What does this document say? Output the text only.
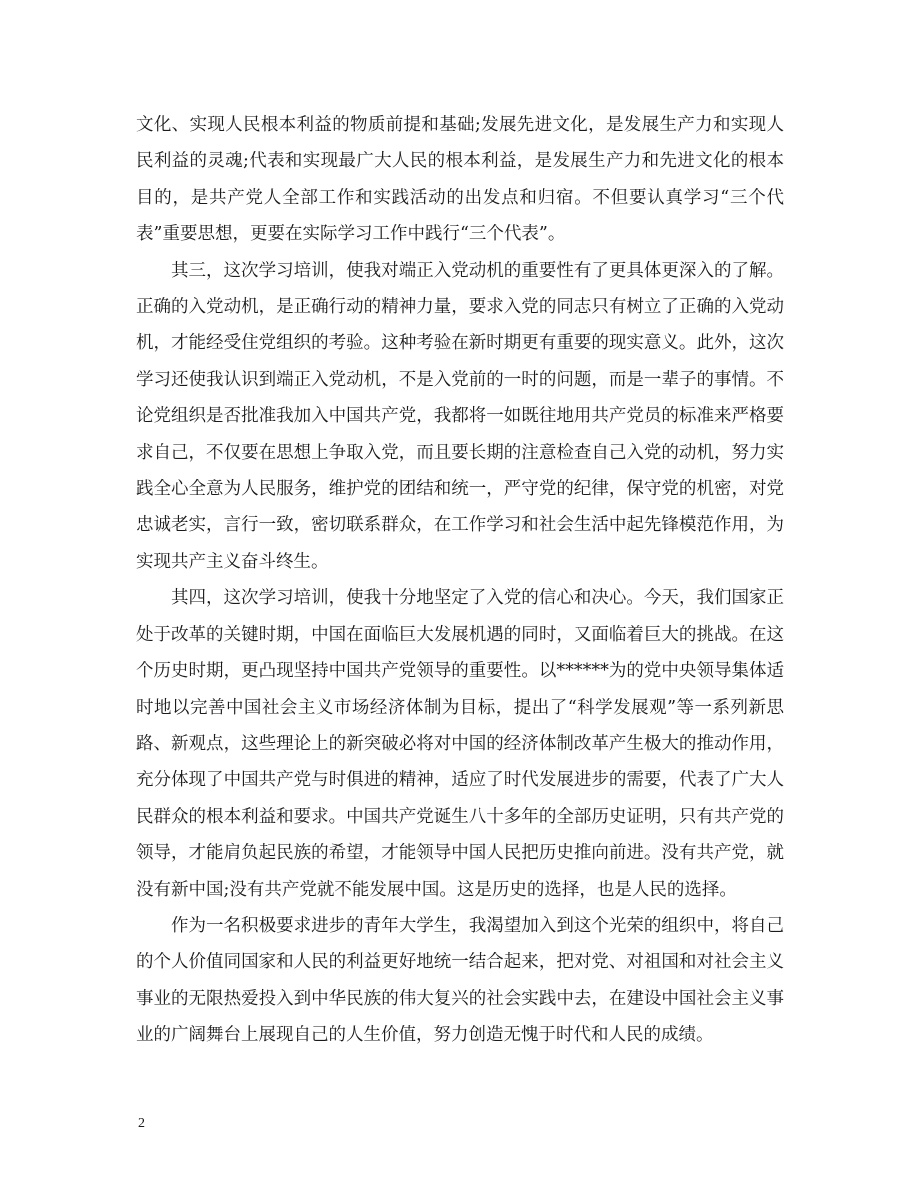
文化、实现人民根本利益的物质前提和基础;发展先进文化，是发展生产力和实现人民利益的灵魂;代表和实现最广大人民的根本利益，是发展生产力和先进文化的根本目的，是共产党人全部工作和实践活动的出发点和归宿。不但要认真学习“三个代表”重要思想，更要在实际学习工作中践行“三个代表”。

其三，这次学习培训，使我对端正入党动机的重要性有了更具体更深入的了解。正确的入党动机，是正确行动的精神力量，要求入党的同志只有树立了正确的入党动机，才能经受住党组织的考验。这种考验在新时期更有重要的现实意义。此外，这次学习还使我认识到端正入党动机，不是入党前的一时的问题，而是一辈子的事情。不论党组织是否批准我加入中国共产党，我都将一如既往地用共产党员的标准来严格要求自己，不仅要在思想上争取入党，而且要长期的注意检查自己入党的动机，努力实践全心全意为人民服务，维护党的团结和统一，严守党的纪律，保守党的机密，对党忠诚老实，言行一致，密切联系群众，在工作学习和社会生活中起先锋模范作用，为实现共产主义奋斗终生。

其四，这次学习培训，使我十分地坚定了入党的信心和决心。今天，我们国家正处于改革的关键时期，中国在面临巨大发展机遇的同时，又面临着巨大的挑战。在这个历史时期，更凸现坚持中国共产党领导的重要性。以******为的党中央领导集体适时地以完善中国社会主义市场经济体制为目标，提出了“科学发展观”等一系列新思路、新观点，这些理论上的新突破必将对中国的经济体制改革产生极大的推动作用，充分体现了中国共产党与时俱进的精神，适应了时代发展进步的需要，代表了广大人民群众的根本利益和要求。中国共产党诞生八十多年的全部历史证明，只有共产党的领导，才能肩负起民族的希望，才能领导中国人民把历史推向前进。没有共产党，就没有新中国;没有共产党就不能发展中国。这是历史的选择，也是人民的选择。

作为一名积极要求进步的青年大学生，我渴望加入到这个光荣的组织中，将自己的个人价值同国家和人民的利益更好地统一结合起来，把对党、对祖国和对社会主义事业的无限热爱投入到中华民族的伟大复兴的社会实践中去，在建设中国社会主义事业的广阔舞台上展现自己的人生价值，努力创造无愧于时代和人民的成绩。

2
